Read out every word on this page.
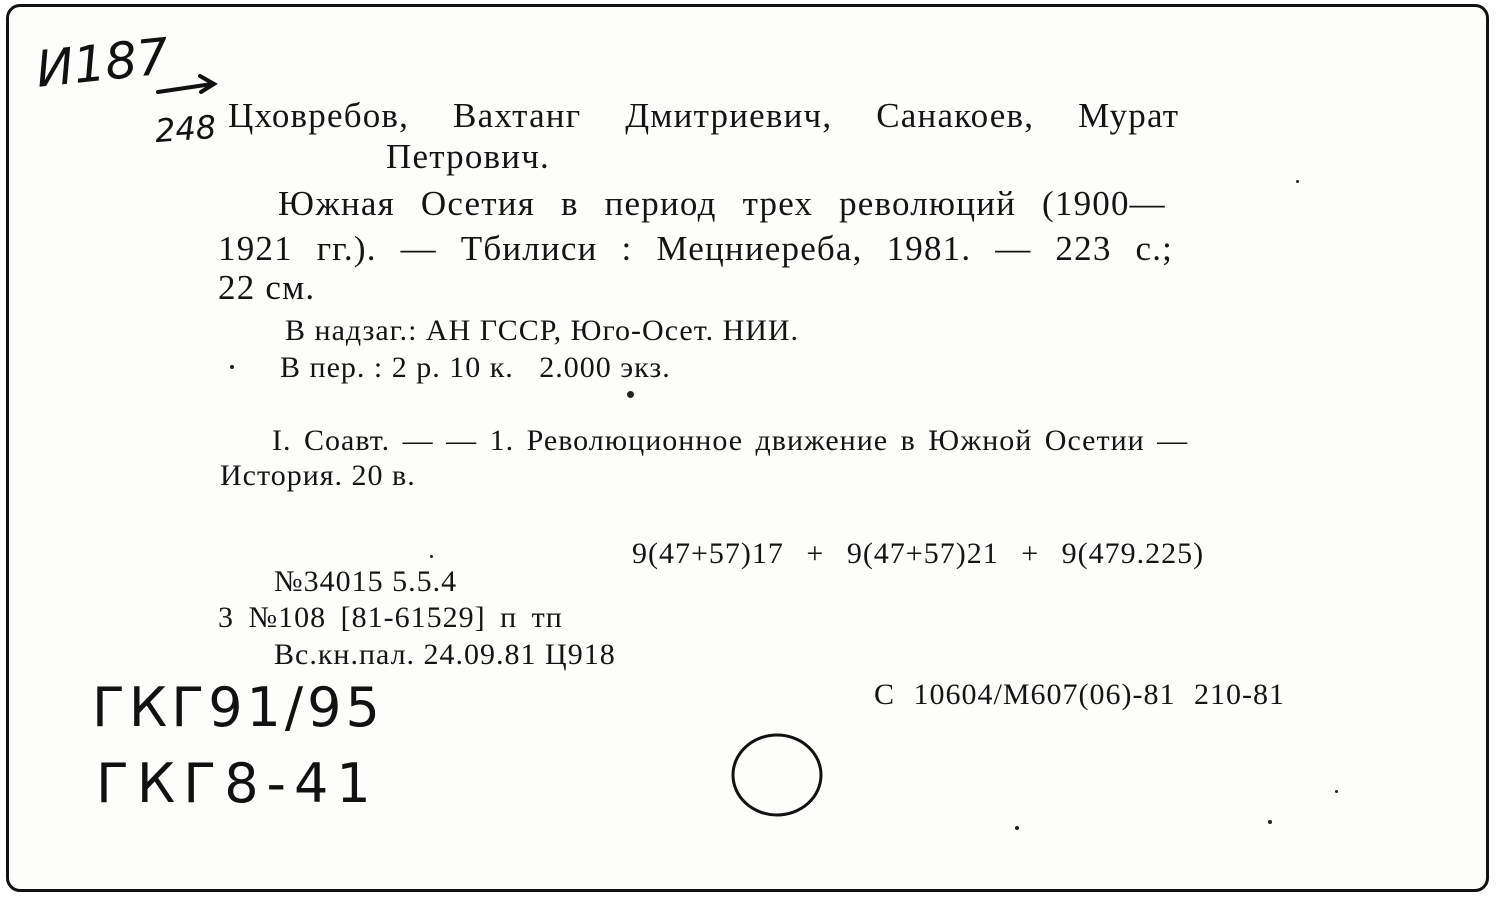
И187
248 Цховребов, Вахтанг Дмитриевич, Санакоев, Мурат
Петрович.
Южная Осетия в период трех революций (1900—
1921 гг.). — Тбилиси : Мецниереба, 1981. — 223 с.;
22 см.
В надзаг.: АН ГССР, Юго-Осет. НИИ.
В пер. : 2 р. 10 к.   2.000 экз.
I. Соавт. — — 1. Революционное движение в Южной Осетии —
История. 20 в.
9(47+57)17 + 9(47+57)21 + 9(479.225)
№34015 5.5.4
3 №108 [81-61529] п тп
Вс.кн.пал. 24.09.81 Ц918
С 10604/М607(06)-81 210-81
ГКГ91/95
ГКГ8-41
